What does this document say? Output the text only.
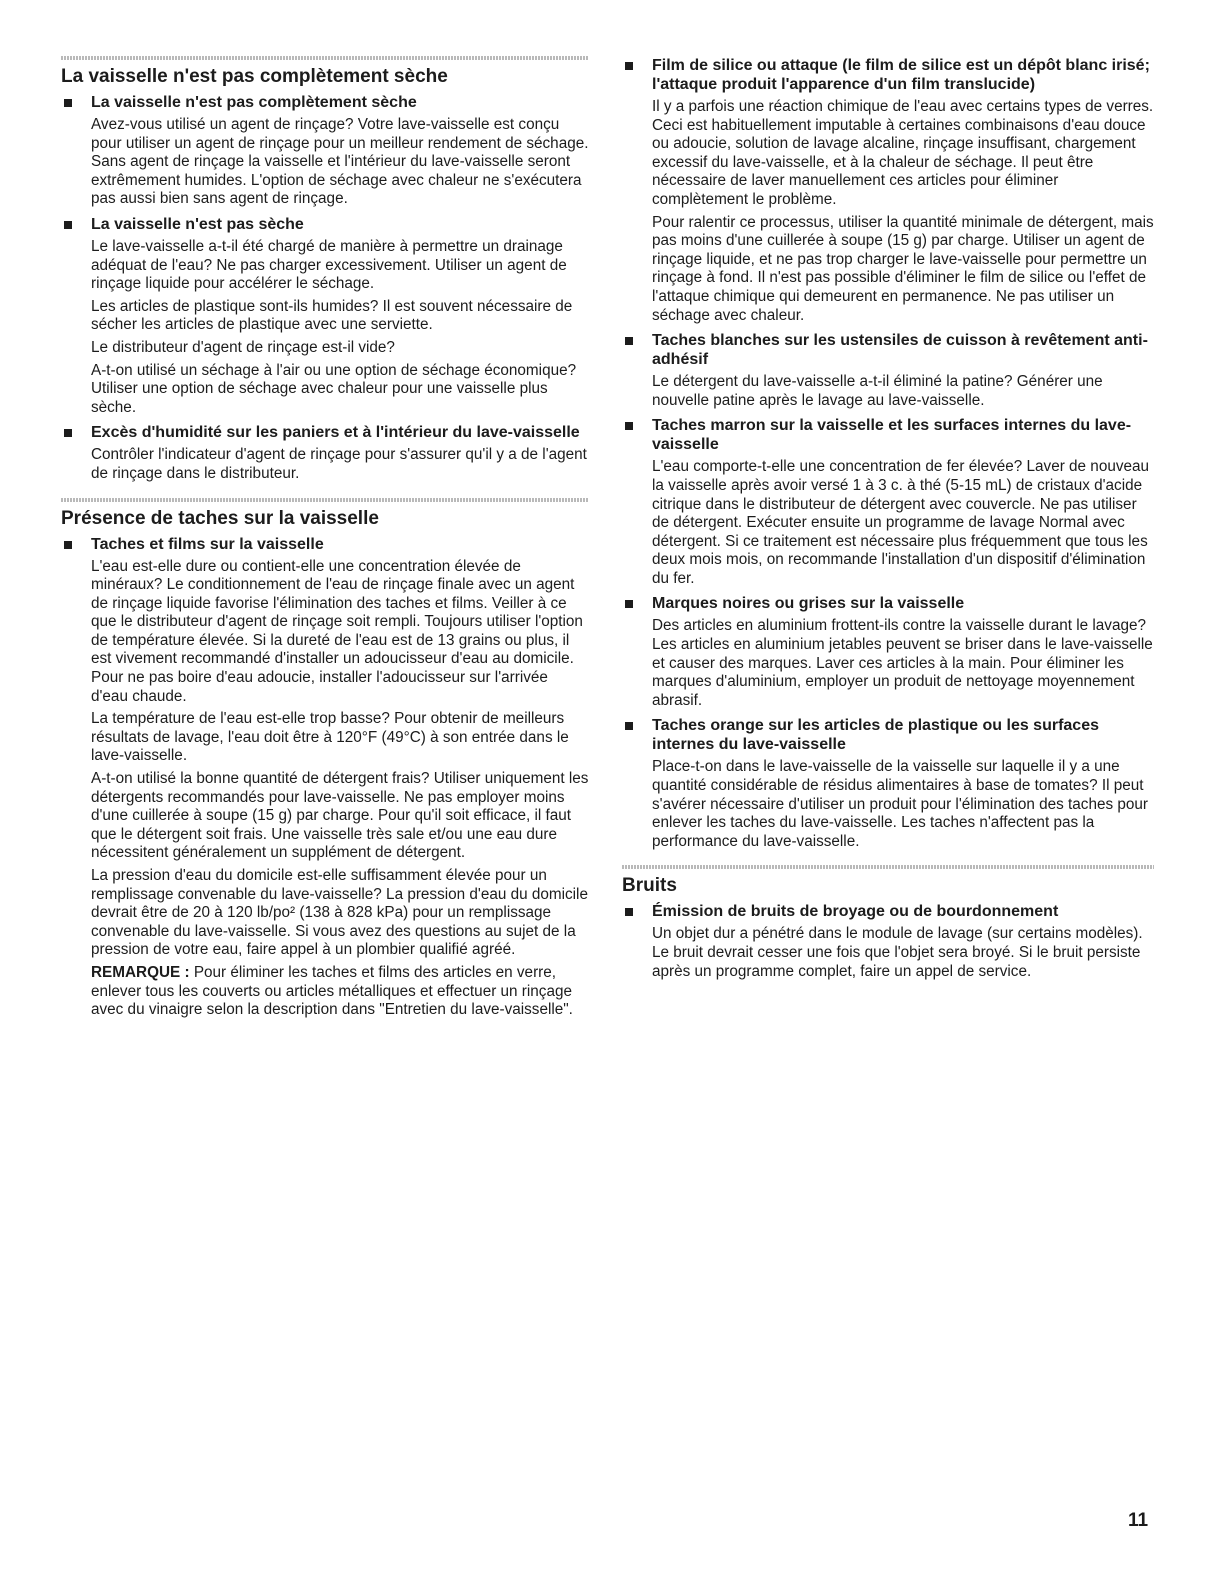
La vaisselle n'est pas complètement sèche
La vaisselle n'est pas complètement sèche

Avez-vous utilisé un agent de rinçage? Votre lave-vaisselle est conçu pour utiliser un agent de rinçage pour un meilleur rendement de séchage. Sans agent de rinçage la vaisselle et l'intérieur du lave-vaisselle seront extrêmement humides. L'option de séchage avec chaleur ne s'exécutera pas aussi bien sans agent de rinçage.

La vaisselle n'est pas sèche

Le lave-vaisselle a-t-il été chargé de manière à permettre un drainage adéquat de l'eau? Ne pas charger excessivement. Utiliser un agent de rinçage liquide pour accélérer le séchage.

Les articles de plastique sont-ils humides? Il est souvent nécessaire de sécher les articles de plastique avec une serviette.

Le distributeur d'agent de rinçage est-il vide?

A-t-on utilisé un séchage à l'air ou une option de séchage économique? Utiliser une option de séchage avec chaleur pour une vaisselle plus sèche.

Excès d'humidité sur les paniers et à l'intérieur du lave-vaisselle

Contrôler l'indicateur d'agent de rinçage pour s'assurer qu'il y a de l'agent de rinçage dans le distributeur.

Présence de taches sur la vaisselle
Taches et films sur la vaisselle

L'eau est-elle dure ou contient-elle une concentration élevée de minéraux? Le conditionnement de l'eau de rinçage finale avec un agent de rinçage liquide favorise l'élimination des taches et films. Veiller à ce que le distributeur d'agent de rinçage soit rempli. Toujours utiliser l'option de température élevée. Si la dureté de l'eau est de 13 grains ou plus, il est vivement recommandé d'installer un adoucisseur d'eau au domicile. Pour ne pas boire d'eau adoucie, installer l'adoucisseur sur l'arrivée d'eau chaude.

La température de l'eau est-elle trop basse? Pour obtenir de meilleurs résultats de lavage, l'eau doit être à 120°F (49°C) à son entrée dans le lave-vaisselle.

A-t-on utilisé la bonne quantité de détergent frais? Utiliser uniquement les détergents recommandés pour lave-vaisselle. Ne pas employer moins d'une cuillerée à soupe (15 g) par charge. Pour qu'il soit efficace, il faut que le détergent soit frais. Une vaisselle très sale et/ou une eau dure nécessitent généralement un supplément de détergent.

La pression d'eau du domicile est-elle suffisamment élevée pour un remplissage convenable du lave-vaisselle? La pression d'eau du domicile devrait être de 20 à 120 lb/po² (138 à 828 kPa) pour un remplissage convenable du lave-vaisselle. Si vous avez des questions au sujet de la pression de votre eau, faire appel à un plombier qualifié agréé.

REMARQUE : Pour éliminer les taches et films des articles en verre, enlever tous les couverts ou articles métalliques et effectuer un rinçage avec du vinaigre selon la description dans "Entretien du lave-vaisselle".

Film de silice ou attaque (le film de silice est un dépôt blanc irisé; l'attaque produit l'apparence d'un film translucide)

Il y a parfois une réaction chimique de l'eau avec certains types de verres. Ceci est habituellement imputable à certaines combinaisons d'eau douce ou adoucie, solution de lavage alcaline, rinçage insuffisant, chargement excessif du lave-vaisselle, et à la chaleur de séchage. Il peut être nécessaire de laver manuellement ces articles pour éliminer complètement le problème.

Pour ralentir ce processus, utiliser la quantité minimale de détergent, mais pas moins d'une cuillerée à soupe (15 g) par charge. Utiliser un agent de rinçage liquide, et ne pas trop charger le lave-vaisselle pour permettre un rinçage à fond. Il n'est pas possible d'éliminer le film de silice ou l'effet de l'attaque chimique qui demeurent en permanence. Ne pas utiliser un séchage avec chaleur.

Taches blanches sur les ustensiles de cuisson à revêtement anti-adhésif

Le détergent du lave-vaisselle a-t-il éliminé la patine? Générer une nouvelle patine après le lavage au lave-vaisselle.

Taches marron sur la vaisselle et les surfaces internes du lave-vaisselle

L'eau comporte-t-elle une concentration de fer élevée? Laver de nouveau la vaisselle après avoir versé 1 à 3 c. à thé (5-15 mL) de cristaux d'acide citrique dans le distributeur de détergent avec couvercle. Ne pas utiliser de détergent. Exécuter ensuite un programme de lavage Normal avec détergent. Si ce traitement est nécessaire plus fréquemment que tous les deux mois mois, on recommande l'installation d'un dispositif d'élimination du fer.

Marques noires ou grises sur la vaisselle

Des articles en aluminium frottent-ils contre la vaisselle durant le lavage? Les articles en aluminium jetables peuvent se briser dans le lave-vaisselle et causer des marques. Laver ces articles à la main. Pour éliminer les marques d'aluminium, employer un produit de nettoyage moyennement abrasif.

Taches orange sur les articles de plastique ou les surfaces internes du lave-vaisselle

Place-t-on dans le lave-vaisselle de la vaisselle sur laquelle il y a une quantité considérable de résidus alimentaires à base de tomates? Il peut s'avérer nécessaire d'utiliser un produit pour l'élimination des taches pour enlever les taches du lave-vaisselle. Les taches n'affectent pas la performance du lave-vaisselle.

Bruits
Émission de bruits de broyage ou de bourdonnement

Un objet dur a pénétré dans le module de lavage (sur certains modèles). Le bruit devrait cesser une fois que l'objet sera broyé. Si le bruit persiste après un programme complet, faire un appel de service.

11
